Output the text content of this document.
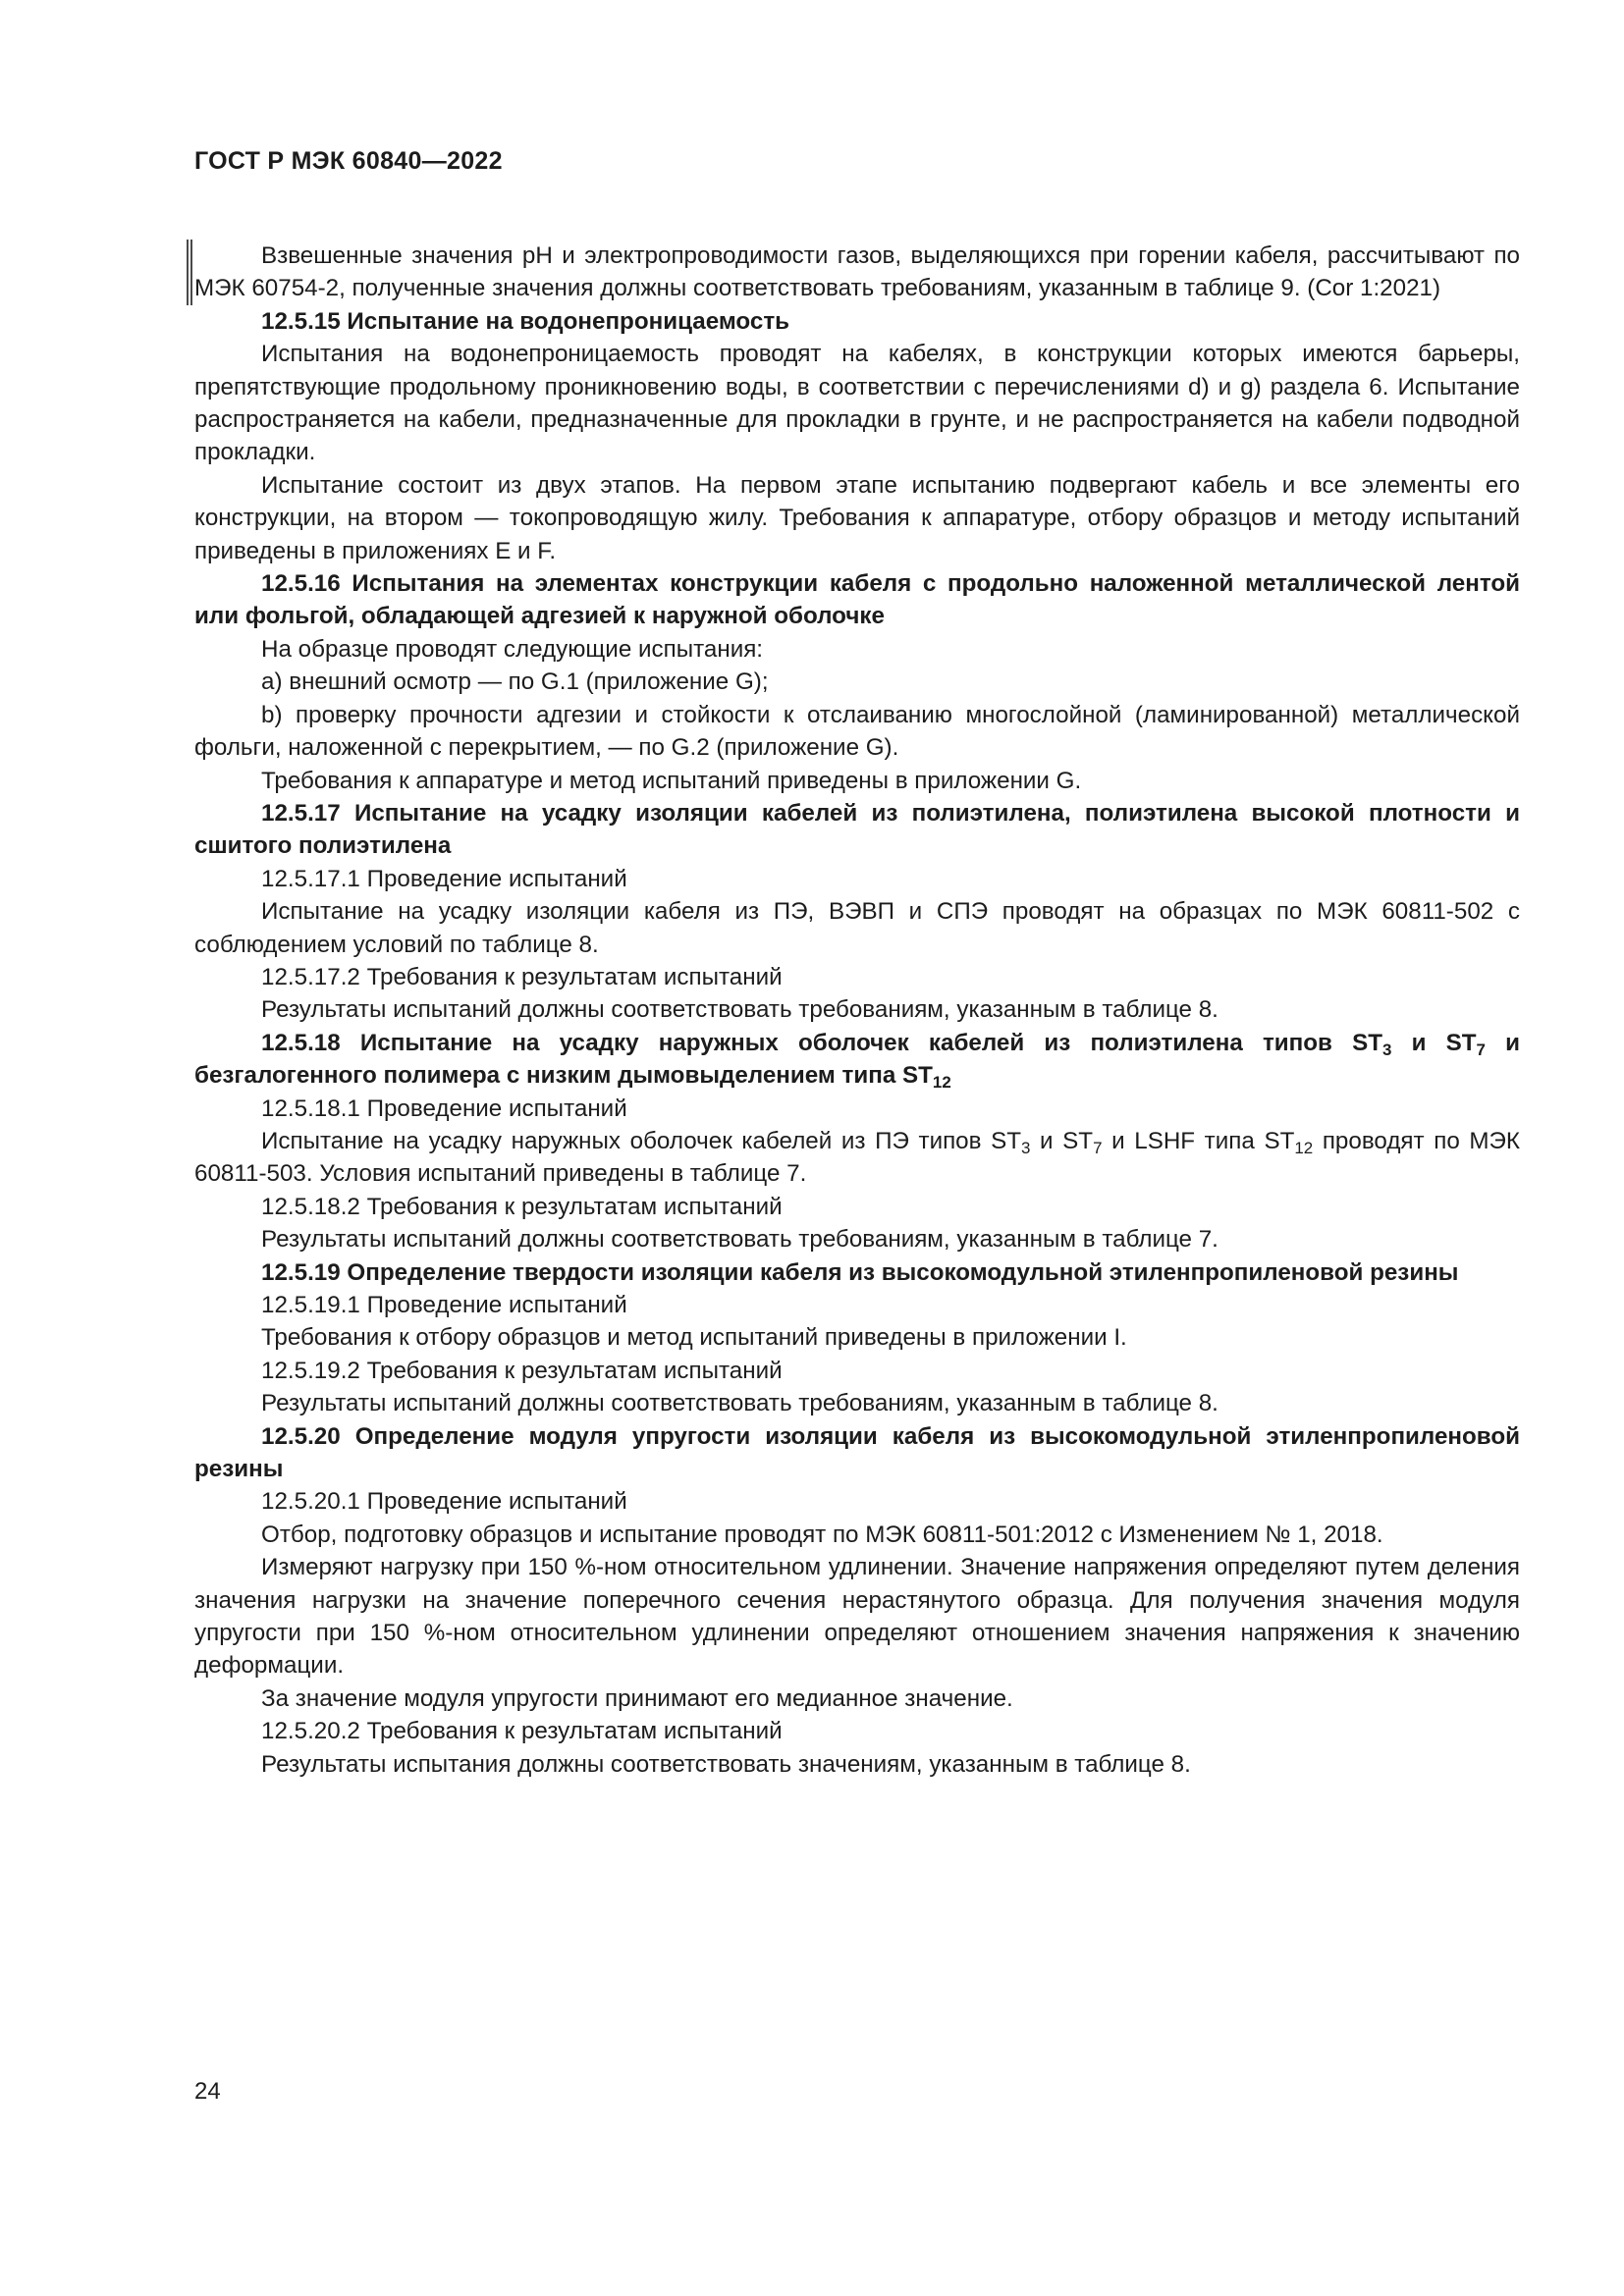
ГОСТ Р МЭК 60840—2022

Взвешенные значения pH и электропроводимости газов, выделяющихся при горении кабеля, рассчитывают по МЭК 60754-2, полученные значения должны соответствовать требованиям, указанным в таблице 9. (Cor 1:2021)

12.5.15 Испытание на водонепроницаемость

Испытания на водонепроницаемость проводят на кабелях, в конструкции которых имеются барьеры, препятствующие продольному проникновению воды, в соответствии с перечислениями d) и g) раздела 6. Испытание распространяется на кабели, предназначенные для прокладки в грунте, и не распространяется на кабели подводной прокладки.

Испытание состоит из двух этапов. На первом этапе испытанию подвергают кабель и все элементы его конструкции, на втором — токопроводящую жилу. Требования к аппаратуре, отбору образцов и методу испытаний приведены в приложениях E и F.

12.5.16 Испытания на элементах конструкции кабеля с продольно наложенной металлической лентой или фольгой, обладающей адгезией к наружной оболочке

На образце проводят следующие испытания:

a) внешний осмотр — по G.1 (приложение G);

b) проверку прочности адгезии и стойкости к отслаиванию многослойной (ламинированной) металлической фольги, наложенной с перекрытием, — по G.2 (приложение G).

Требования к аппаратуре и метод испытаний приведены в приложении G.

12.5.17 Испытание на усадку изоляции кабелей из полиэтилена, полиэтилена высокой плотности и сшитого полиэтилена

12.5.17.1 Проведение испытаний

Испытание на усадку изоляции кабеля из ПЭ, ВЭВП и СПЭ проводят на образцах по МЭК 60811-502 с соблюдением условий по таблице 8.

12.5.17.2 Требования к результатам испытаний

Результаты испытаний должны соответствовать требованиям, указанным в таблице 8.

12.5.18 Испытание на усадку наружных оболочек кабелей из полиэтилена типов $ST_3$ и $ST_7$ и безгалогенного полимера с низким дымовыделением типа $ST_{12}$

12.5.18.1 Проведение испытаний

Испытание на усадку наружных оболочек кабелей из ПЭ типов $ST_3$ и $ST_7$ и LSHF типа $ST_{12}$ проводят по МЭК 60811-503. Условия испытаний приведены в таблице 7.

12.5.18.2 Требования к результатам испытаний

Результаты испытаний должны соответствовать требованиям, указанным в таблице 7.

12.5.19 Определение твердости изоляции кабеля из высокомодульной этиленпропиленовой резины

12.5.19.1 Проведение испытаний

Требования к отбору образцов и метод испытаний приведены в приложении I.

12.5.19.2 Требования к результатам испытаний

Результаты испытаний должны соответствовать требованиям, указанным в таблице 8.

12.5.20 Определение модуля упругости изоляции кабеля из высокомодульной этиленпропиленовой резины

12.5.20.1 Проведение испытаний

Отбор, подготовку образцов и испытание проводят по МЭК 60811-501:2012 с Изменением № 1, 2018.

Измеряют нагрузку при 150 %-ном относительном удлинении. Значение напряжения определяют путем деления значения нагрузки на значение поперечного сечения нерастянутого образца. Для получения значения модуля упругости при 150 %-ном относительном удлинении определяют отношением значения напряжения к значению деформации.

За значение модуля упругости принимают его медианное значение.

12.5.20.2 Требования к результатам испытаний

Результаты испытания должны соответствовать значениям, указанным в таблице 8.

24
